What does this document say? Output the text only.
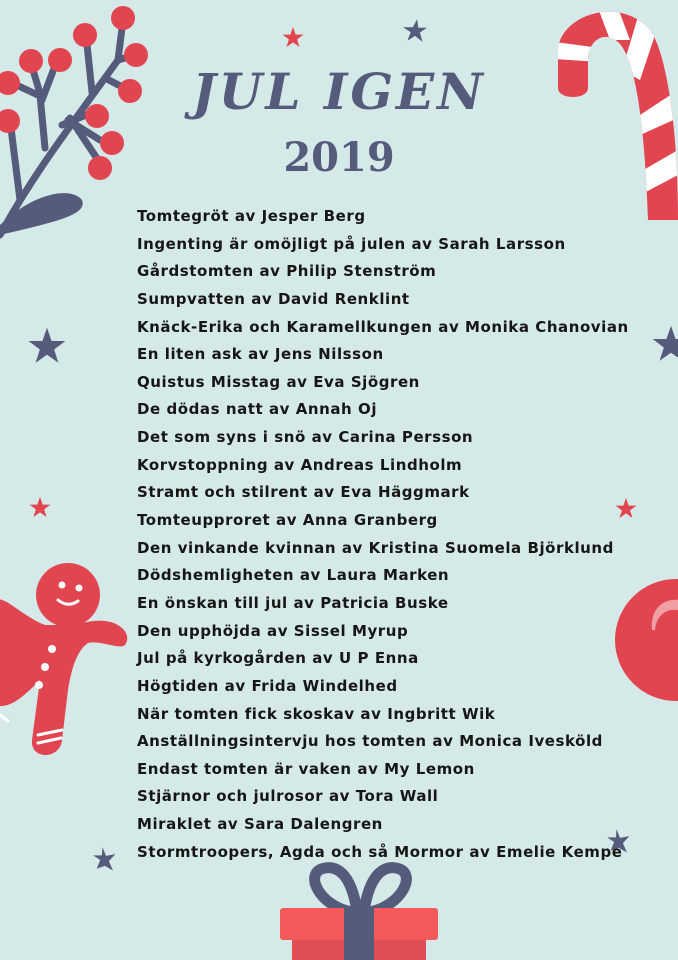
JUL IGEN
2019
Tomtegröt av Jesper Berg
Ingenting är omöjligt på julen av Sarah Larsson
Gårdstomten av Philip Stenström
Sumpvatten av David Renklint
Knäck-Erika och Karamellkungen av Monika Chanovian
En liten ask av Jens Nilsson
Quistus Misstag av Eva Sjögren
De dödas natt av Annah Oj
Det som syns i snö av Carina Persson
Korvstoppning av Andreas Lindholm
Stramt och stilrent av Eva Häggmark
Tomteupproret av Anna Granberg
Den vinkande kvinnan av Kristina Suomela Björklund
Dödshemligheten av Laura Marken
En önskan till jul av Patricia Buske
Den upphöjda av Sissel Myrup
Jul på kyrkogården av U P Enna
Högtiden av Frida Windelhed
När tomten fick skoskav av Ingbritt Wik
Anställningsintervju hos tomten av Monica Ivesköld
Endast tomten är vaken av My Lemon
Stjärnor och julrosor av Tora Wall
Miraklet av Sara Dalengren
Stormtroopers, Agda och så Mormor av Emelie Kempe
